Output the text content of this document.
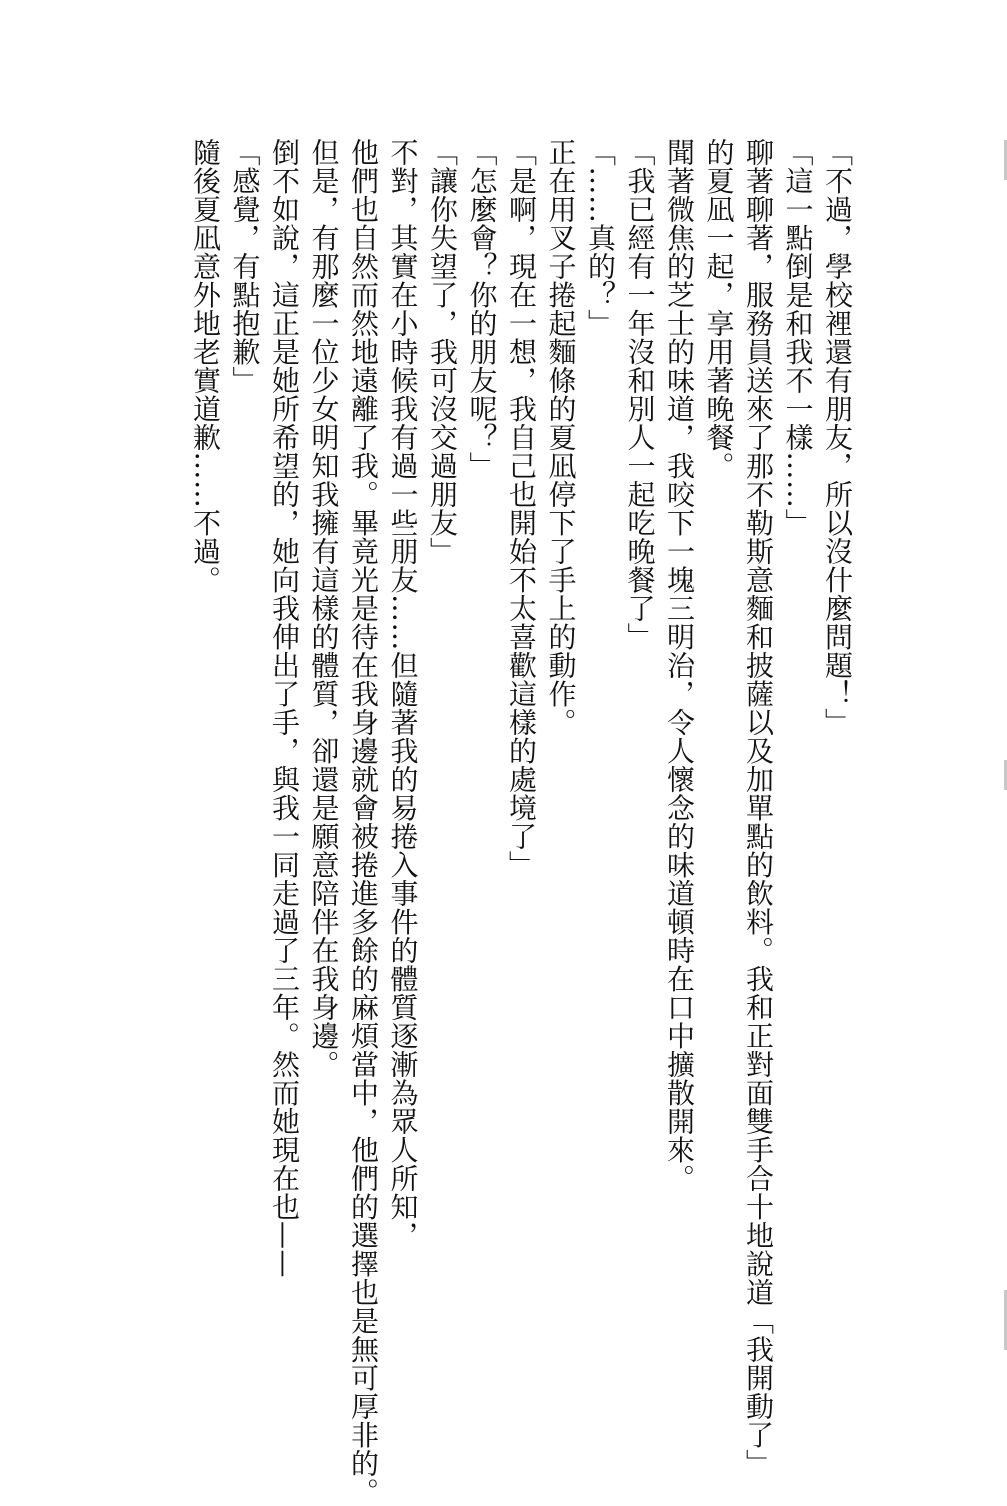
「不過，學校裡還有朋友，所以沒什麼問題！」
「這一點倒是和我不一樣……」
聊著聊著，服務員送來了那不勒斯意麵和披薩以及加單點的飲料。我和正對面雙手合十地說道「我開動了」
的夏凪一起，享用著晚餐。
聞著微焦的芝士的味道，我咬下一塊三明治，令人懷念的味道頓時在口中擴散開來。
「我已經有一年沒和別人一起吃晚餐了」
「……真的？」
正在用叉子捲起麵條的夏凪停下了手上的動作。
「是啊，現在一想，我自己也開始不太喜歡這樣的處境了」
「怎麼會？你的朋友呢？」
「讓你失望了，我可沒交過朋友」
不對，其實在小時候我有過一些朋友……但隨著我的易捲入事件的體質逐漸為眾人所知，
他們也自然而然地遠離了我。畢竟光是待在我身邊就會被捲進多餘的麻煩當中，他們的選擇也是無可厚非的。
但是，有那麼一位少女明知我擁有這樣的體質，卻還是願意陪伴在我身邊。
倒不如說，這正是她所希望的，她向我伸出了手，與我一同走過了三年。然而她現在也——
「感覺，有點抱歉」
隨後夏凪意外地老實道歉……不過。
